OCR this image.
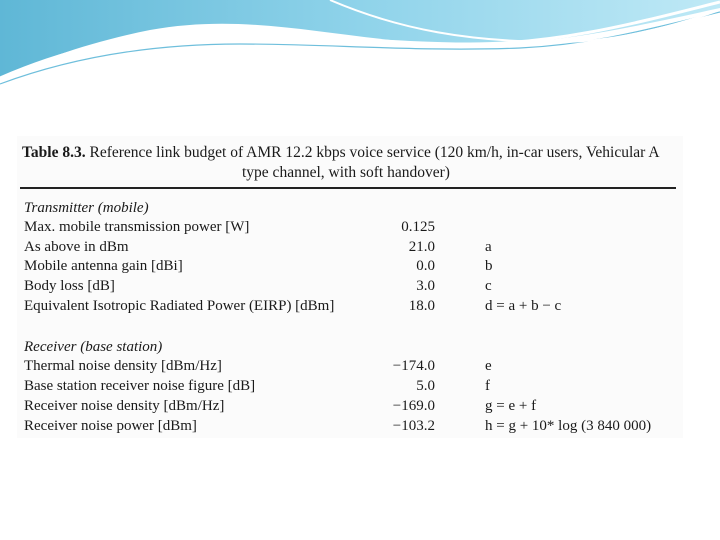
Table 8.3. Reference link budget of AMR 12.2 kbps voice service (120 km/h, in-car users, Vehicular A
type channel, with soft handover)
Transmitter (mobile)
Max. mobile transmission power [W]	0.125
As above in dBm	21.0	a
Mobile antenna gain [dBi]	0.0	b
Body loss [dB]	3.0	c
Equivalent Isotropic Radiated Power (EIRP) [dBm]	18.0	d = a + b − c
Receiver (base station)
Thermal noise density [dBm/Hz]	−174.0	e
Base station receiver noise figure [dB]	5.0	f
Receiver noise density [dBm/Hz]	−169.0	g = e + f
Receiver noise power [dBm]	−103.2	h = g + 10* log (3 840 000)
